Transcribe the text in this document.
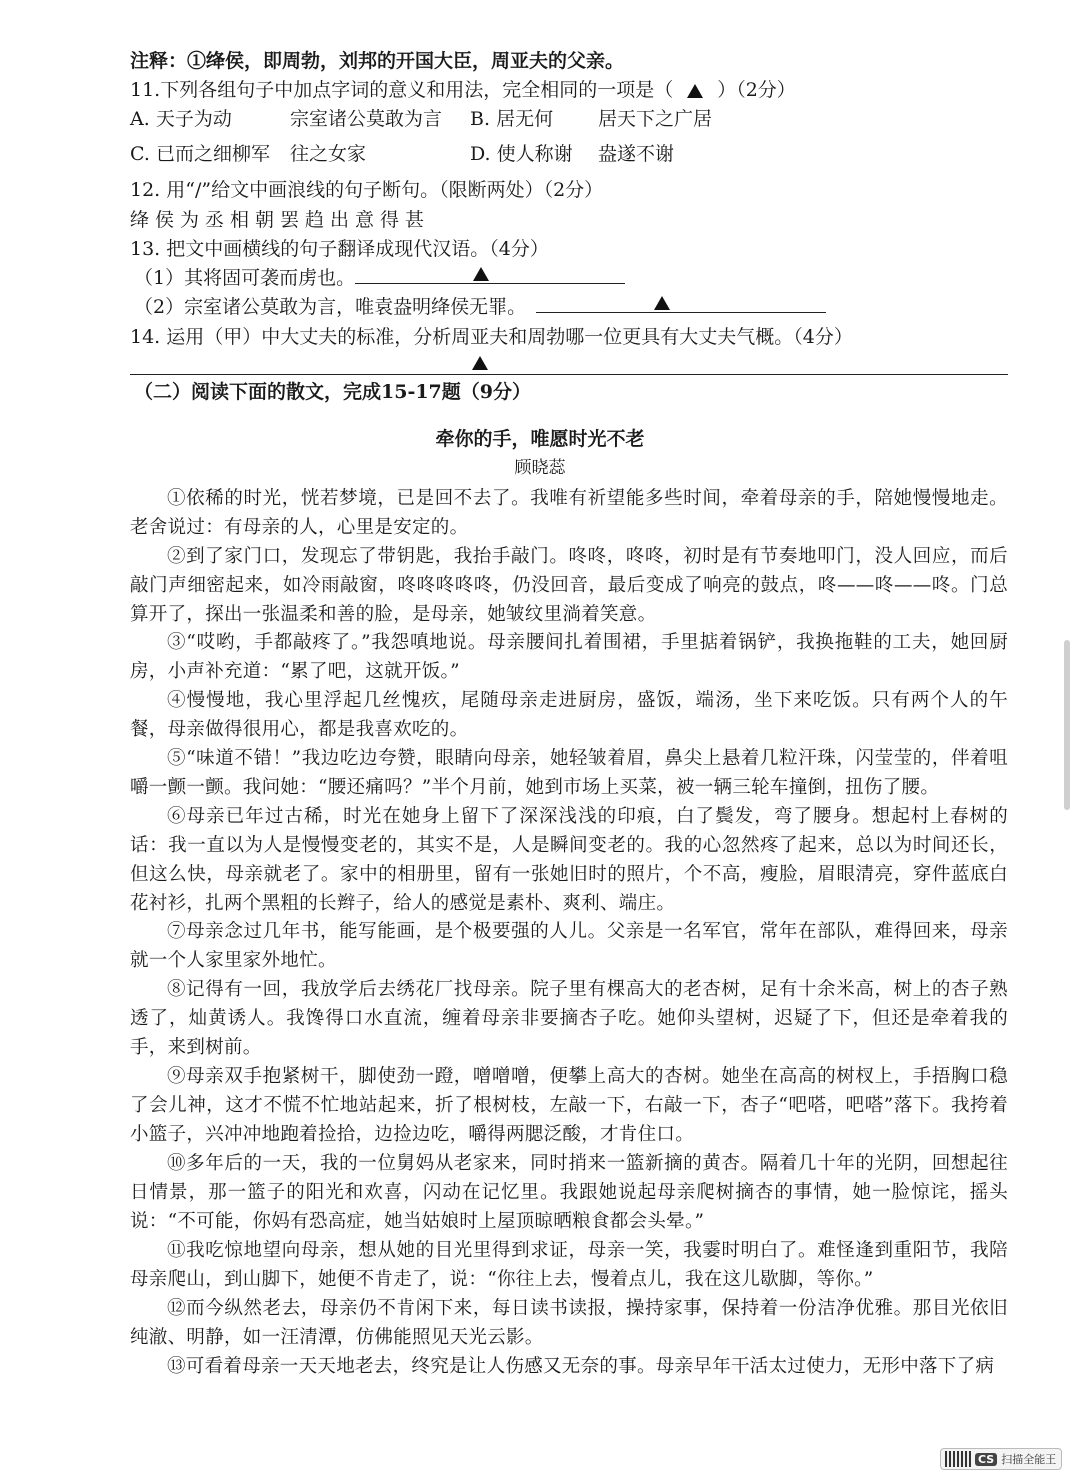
注释：①绛侯，即周勃，刘邦的开国大臣，周亚夫的父亲。
11.下列各组句子中加点字词的意义和用法，完全相同的一项是（ ）（2分）
A. 天子为动	宗室诸公莫敢为言 B. 居无何 居天下之广居
C. 已而之细柳军 往之女家	D. 使人称谢 盎遂不谢
12. 用“/”给文中画浪线的句子断句。（限断两处）（2分）
绛侯为丞相朝罢趋出意得甚
13. 把文中画横线的句子翻译成现代汉语。（4分）
（1）其将固可袭而虏也。
（2）宗室诸公莫敢为言，唯袁盎明绛侯无罪。
14. 运用（甲）中大丈夫的标准，分析周亚夫和周勃哪一位更具有大丈夫气概。（4分）
（二）阅读下面的散文，完成15-17题（9分）
牵你的手，唯愿时光不老
顾晓蕊
①依稀的时光，恍若梦境，已是回不去了。我唯有祈望能多些时间，牵着母亲的手，陪她慢慢地走。老舍说过：有母亲的人，心里是安定的。
②到了家门口，发现忘了带钥匙，我抬手敲门。咚咚，咚咚，初时是有节奏地叩门，没人回应，而后敲门声细密起来，如冷雨敲窗，咚咚咚咚咚，仍没回音，最后变成了响亮的鼓点，咚——咚——咚。门总算开了，探出一张温柔和善的脸，是母亲，她皱纹里淌着笑意。
③“哎哟，手都敲疼了。”我怨嗔地说。母亲腰间扎着围裙，手里掂着锅铲，我换拖鞋的工夫，她回厨房，小声补充道：“累了吧，这就开饭。”
④慢慢地，我心里浮起几丝愧疚，尾随母亲走进厨房，盛饭，端汤，坐下来吃饭。只有两个人的午餐，母亲做得很用心，都是我喜欢吃的。
⑤“味道不错！”我边吃边夸赞，眼睛向母亲，她轻皱着眉，鼻尖上悬着几粒汗珠，闪莹莹的，伴着咀嚼一颤一颤。我问她：“腰还痛吗？”半个月前，她到市场上买菜，被一辆三轮车撞倒，扭伤了腰。
⑥母亲已年过古稀，时光在她身上留下了深深浅浅的印痕，白了鬓发，弯了腰身。想起村上春树的话：我一直以为人是慢慢变老的，其实不是，人是瞬间变老的。我的心忽然疼了起来，总以为时间还长，但这么快，母亲就老了。家中的相册里，留有一张她旧时的照片，个不高，瘦脸，眉眼清亮，穿件蓝底白花衬衫，扎两个黑粗的长辫子，给人的感觉是素朴、爽利、端庄。
⑦母亲念过几年书，能写能画，是个极要强的人儿。父亲是一名军官，常年在部队，难得回来，母亲就一个人家里家外地忙。
⑧记得有一回，我放学后去绣花厂找母亲。院子里有棵高大的老杏树，足有十余米高，树上的杏子熟透了，灿黄诱人。我馋得口水直流，缠着母亲非要摘杏子吃。她仰头望树，迟疑了下，但还是牵着我的手，来到树前。
⑨母亲双手抱紧树干，脚使劲一蹬，噌噌噌，便攀上高大的杏树。她坐在高高的树杈上，手捂胸口稳了会儿神，这才不慌不忙地站起来，折了根树枝，左敲一下，右敲一下，杏子“吧嗒，吧嗒”落下。我挎着小篮子，兴冲冲地跑着捡拾，边捡边吃，嚼得两腮泛酸，才肯住口。
⑩多年后的一天，我的一位舅妈从老家来，同时捎来一篮新摘的黄杏。隔着几十年的光阴，回想起往日情景，那一篮子的阳光和欢喜，闪动在记忆里。我跟她说起母亲爬树摘杏的事情，她一脸惊诧，摇头说：“不可能，你妈有恐高症，她当姑娘时上屋顶晾晒粮食都会头晕。”
⑪我吃惊地望向母亲，想从她的目光里得到求证，母亲一笑，我霎时明白了。难怪逢到重阳节，我陪母亲爬山，到山脚下，她便不肯走了，说：“你往上去，慢着点儿，我在这儿歇脚，等你。”
⑫而今纵然老去，母亲仍不肯闲下来，每日读书读报，操持家事，保持着一份洁净优雅。那目光依旧纯澈、明静，如一汪清潭，仿佛能照见天光云影。
⑬可看着母亲一天天地老去，终究是让人伤感又无奈的事。母亲早年干活太过使力，无形中落下了病
CS 扫描全能王
